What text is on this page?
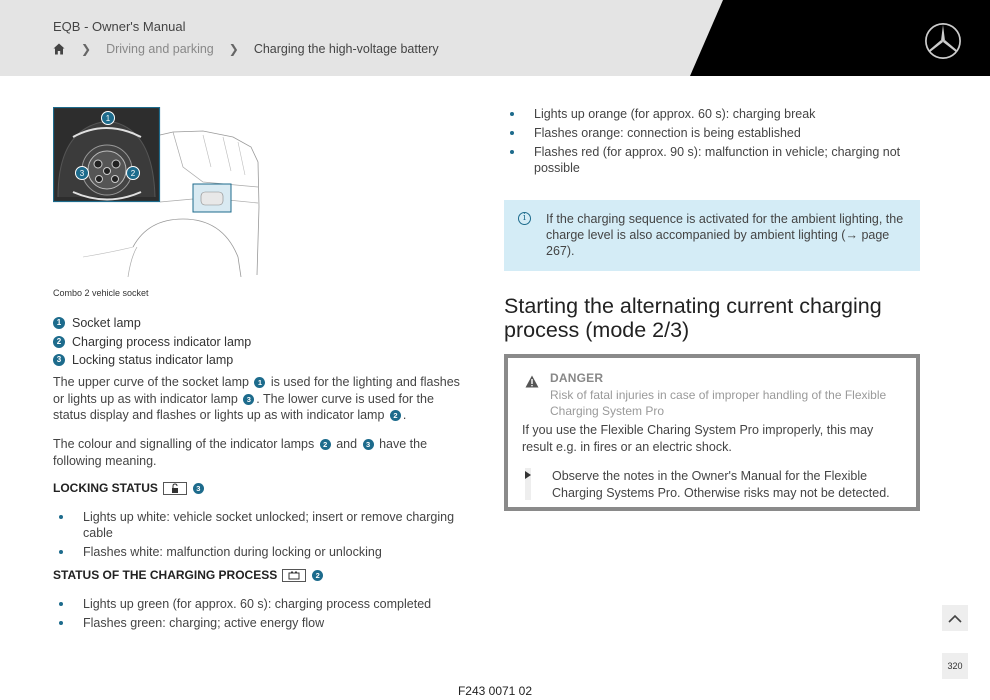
EQB - Owner's Manual
❯ Driving and parking ❯ Charging the high-voltage battery
1
3	2
Combo 2 vehicle socket
1 Socket lamp
2 Charging process indicator lamp
3 Locking status indicator lamp
The upper curve of the socket lamp 1 is used for the lighting and flashes or lights up as with indicator lamp 3 . The lower curve is used for the status display and flashes or lights up as with indicator lamp 2 .
The colour and signalling of the indicator lamps 2 and 3 have the following meaning.
LOCKING STATUS	3
Lights up white: vehicle socket unlocked; insert or remove charging cable
Flashes white: malfunction during locking or unlocking
STATUS OF THE CHARGING PROCESS	2
Lights up green (for approx. 60 s): charging process completed
Flashes green: charging; active energy flow
Lights up orange (for approx. 60 s): charging break
Flashes orange: connection is being established
Flashes red (for approx. 90 s): malfunction in vehicle; charging not possible
i	If the charging sequence is activated for the ambient lighting, the charge level is also accompanied by ambient lighting (→ page 267).
Starting the alternating current charging process (mode 2/3)
DANGER
Risk of fatal injuries in case of improper handling of the Flexible Charging System Pro
If you use the Flexible Charing System Pro improperly, this may result e.g. in fires or an electric shock.
Observe the notes in the Owner's Manual for the Flexible Charging Systems Pro. Otherwise risks may not be detected.
320
F243 0071 02
